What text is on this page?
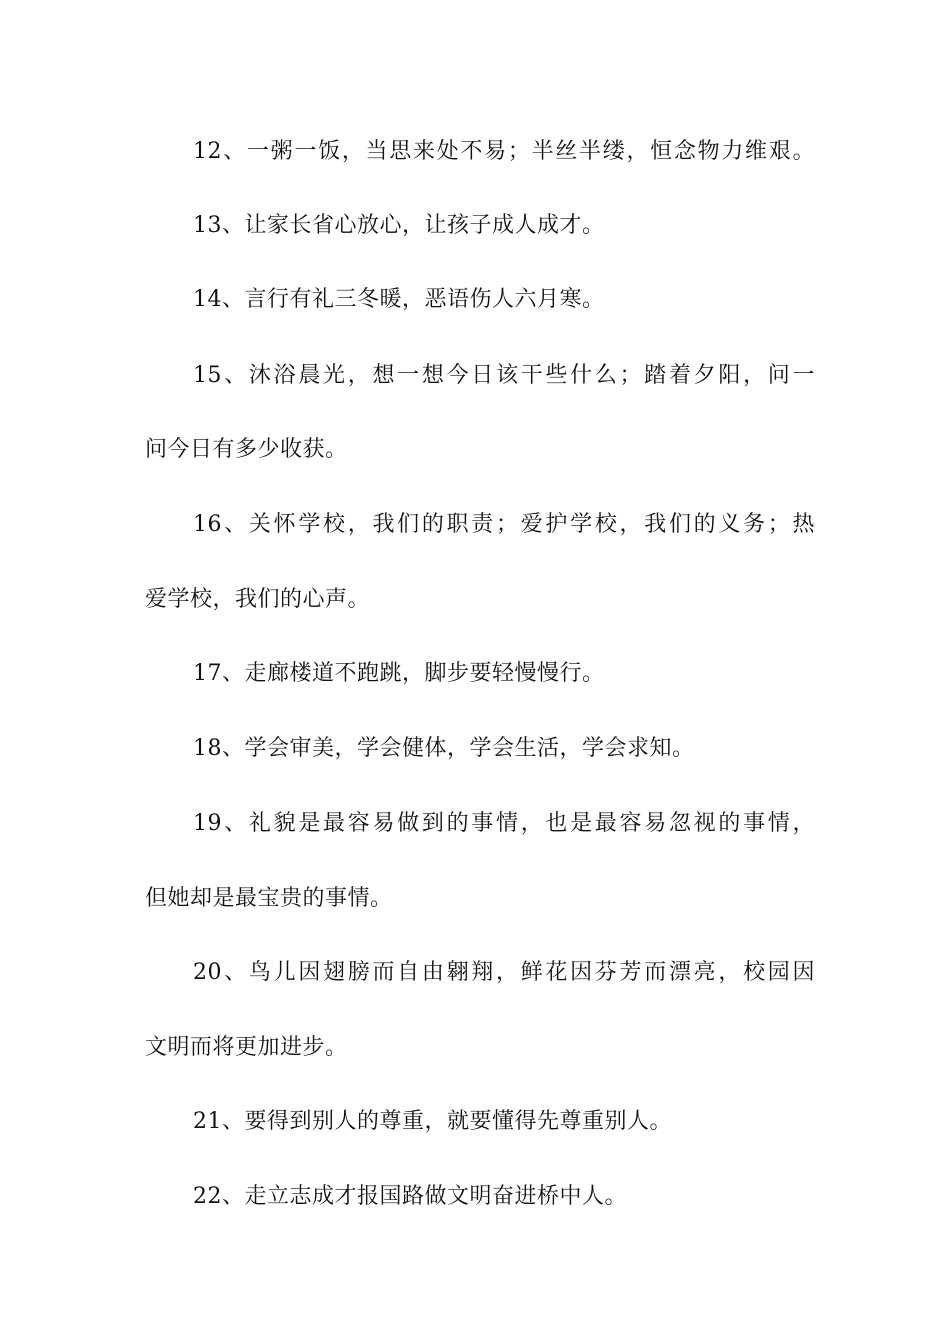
12、一粥一饭，当思来处不易；半丝半缕，恒念物力维艰。
13、让家长省心放心，让孩子成人成才。
14、言行有礼三冬暖，恶语伤人六月寒。
15、沐浴晨光，想一想今日该干些什么；踏着夕阳，问一
问今日有多少收获。
16、关怀学校，我们的职责；爱护学校，我们的义务；热
爱学校，我们的心声。
17、走廊楼道不跑跳，脚步要轻慢慢行。
18、学会审美，学会健体，学会生活，学会求知。
19、礼貌是最容易做到的事情，也是最容易忽视的事情，
但她却是最宝贵的事情。
20、鸟儿因翅膀而自由翱翔，鲜花因芬芳而漂亮，校园因
文明而将更加进步。
21、要得到别人的尊重，就要懂得先尊重别人。
22、走立志成才报国路做文明奋进桥中人。
